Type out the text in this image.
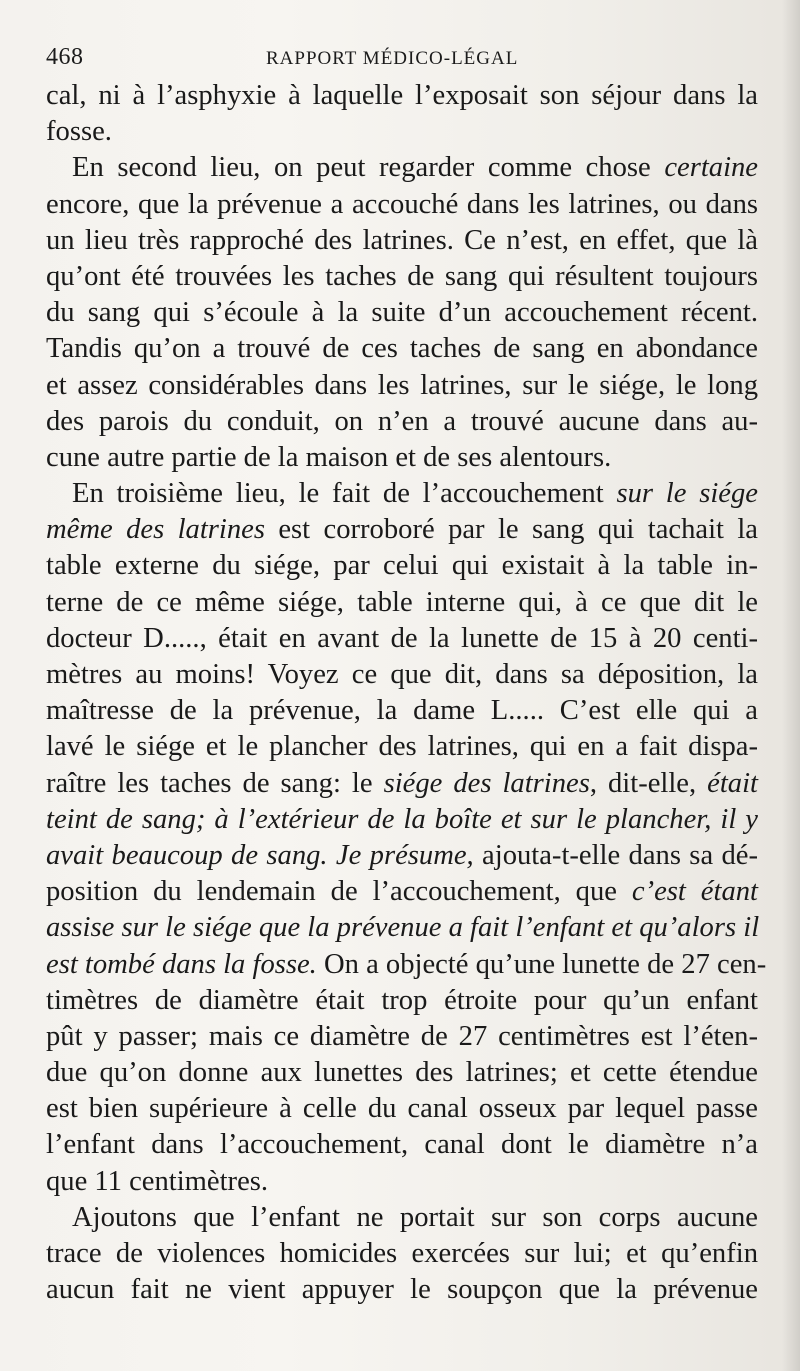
468	RAPPORT MÉDICO-LÉGAL
cal, ni à l’asphyxie à laquelle l’exposait son séjour dans la
fosse.
En second lieu, on peut regarder comme chose certaine
encore, que la prévenue a accouché dans les latrines, ou dans
un lieu très rapproché des latrines. Ce n’est, en effet, que là
qu’ont été trouvées les taches de sang qui résultent toujours
du sang qui s’écoule à la suite d’un accouchement récent.
Tandis qu’on a trouvé de ces taches de sang en abondance
et assez considérables dans les latrines, sur le siége, le long
des parois du conduit, on n’en a trouvé aucune dans au-
cune autre partie de la maison et de ses alentours.
En troisième lieu, le fait de l’accouchement sur le siége
même des latrines est corroboré par le sang qui tachait la
table externe du siége, par celui qui existait à la table in-
terne de ce même siége, table interne qui, à ce que dit le
docteur D....., était en avant de la lunette de 15 à 20 centi-
mètres au moins! Voyez ce que dit, dans sa déposition, la
maîtresse de la prévenue, la dame L..... C’est elle qui a
lavé le siége et le plancher des latrines, qui en a fait dispa-
raître les taches de sang: le siége des latrines, dit-elle, était
teint de sang; à l’extérieur de la boîte et sur le plancher, il y
avait beaucoup de sang. Je présume, ajouta-t-elle dans sa dé-
position du lendemain de l’accouchement, que c’est étant
assise sur le siége que la prévenue a fait l’enfant et qu’alors il
est tombé dans la fosse. On a objecté qu’une lunette de 27 cen-
timètres de diamètre était trop étroite pour qu’un enfant
pût y passer; mais ce diamètre de 27 centimètres est l’éten-
due qu’on donne aux lunettes des latrines; et cette étendue
est bien supérieure à celle du canal osseux par lequel passe
l’enfant dans l’accouchement, canal dont le diamètre n’a
que 11 centimètres.
Ajoutons que l’enfant ne portait sur son corps aucune
trace de violences homicides exercées sur lui; et qu’enfin
aucun fait ne vient appuyer le soupçon que la prévenue
